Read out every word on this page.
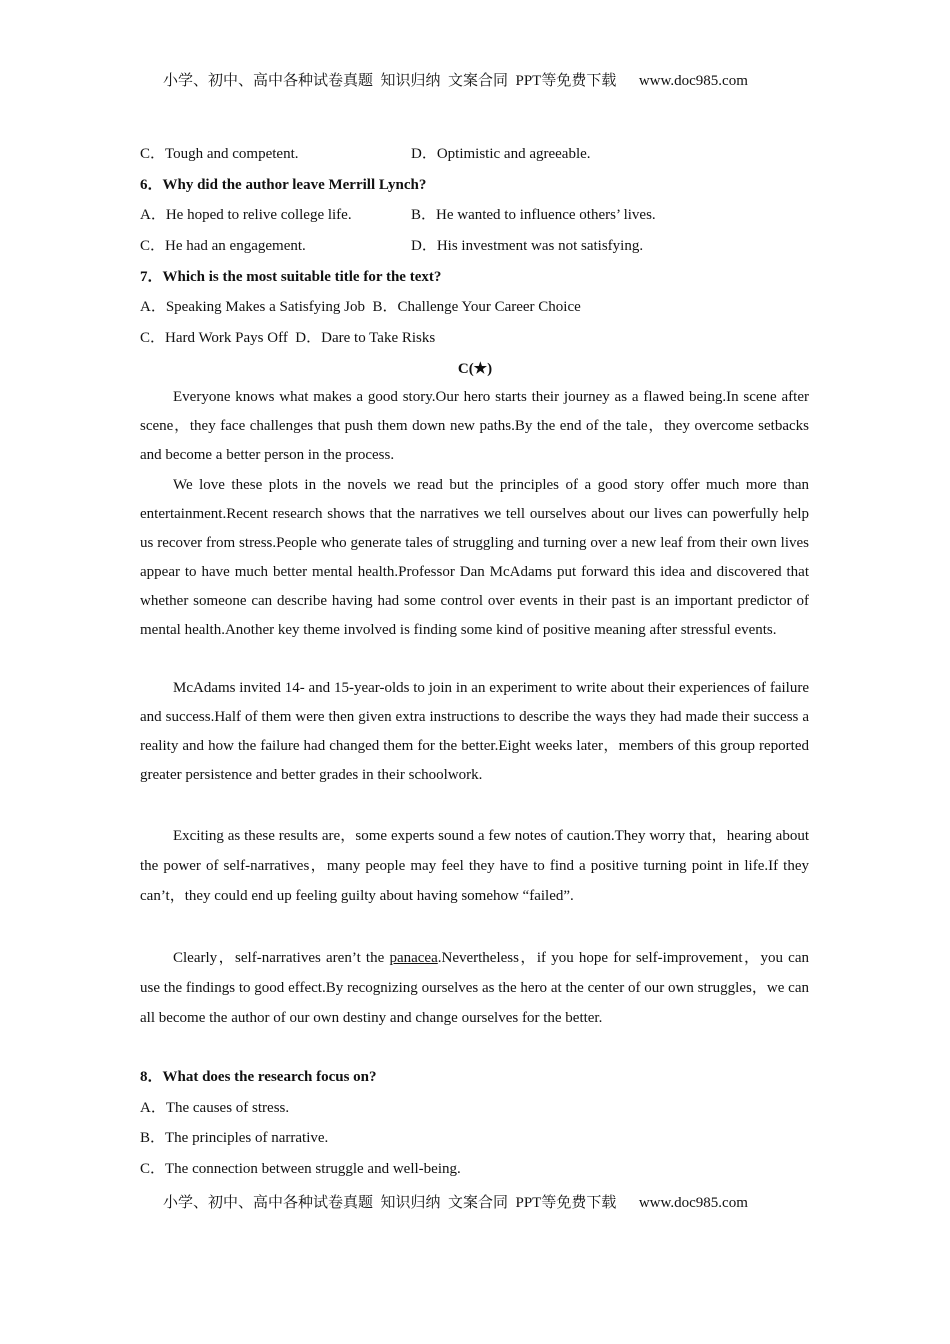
小学、初中、高中各种试卷真题  知识归纳  文案合同  PPT等免费下载      www.doc985.com
C．Tough and competent.	D．Optimistic and agreeable.
6．Why did the author leave Merrill Lynch?
A．He hoped to relive college life.	B．He wanted to influence others’ lives.
C．He had an engagement.	D．His investment was not satisfying.
7．Which is the most suitable title for the text?
A．Speaking Makes a Satisfying Job  B．Challenge Your Career Choice
C．Hard Work Pays Off  D．Dare to Take Risks
C(★)

Everyone knows what makes a good story.Our hero starts their journey as a flawed being.In scene after scene，they face challenges that push them down new paths.By the end of the tale，they overcome setbacks and become a better person in the process.

We love these plots in the novels we read but the principles of a good story offer much more than entertainment.Recent research shows that the narratives we tell ourselves about our lives can powerfully help us recover from stress.People who generate tales of struggling and turning over a new leaf from their own lives appear to have much better mental health.Professor Dan McAdams put forward this idea and discovered that whether someone can describe having had some control over events in their past is an important predictor of mental health.Another key theme involved is finding some kind of positive meaning after stressful events.

McAdams invited 14- and 15-year-olds to join in an experiment to write about their experiences of failure and success.Half of them were then given extra instructions to describe the ways they had made their success a reality and how the failure had changed them for the better.Eight weeks later，members of this group reported greater persistence and better grades in their schoolwork.

Exciting as these results are，some experts sound a few notes of caution.They worry that，hearing about the power of self-narratives，many people may feel they have to find a positive turning point in life.If they can’t，they could end up feeling guilty about having somehow “failed”.

Clearly，self-narratives aren’t the panacea.Nevertheless，if you hope for self-improvement，you can use the findings to good effect.By recognizing ourselves as the hero at the center of our own struggles，we can all become the author of our own destiny and change ourselves for the better.

8．What does the research focus on?
A．The causes of stress.
B．The principles of narrative.
C．The connection between struggle and well-being.
小学、初中、高中各种试卷真题  知识归纳  文案合同  PPT等免费下载      www.doc985.com
